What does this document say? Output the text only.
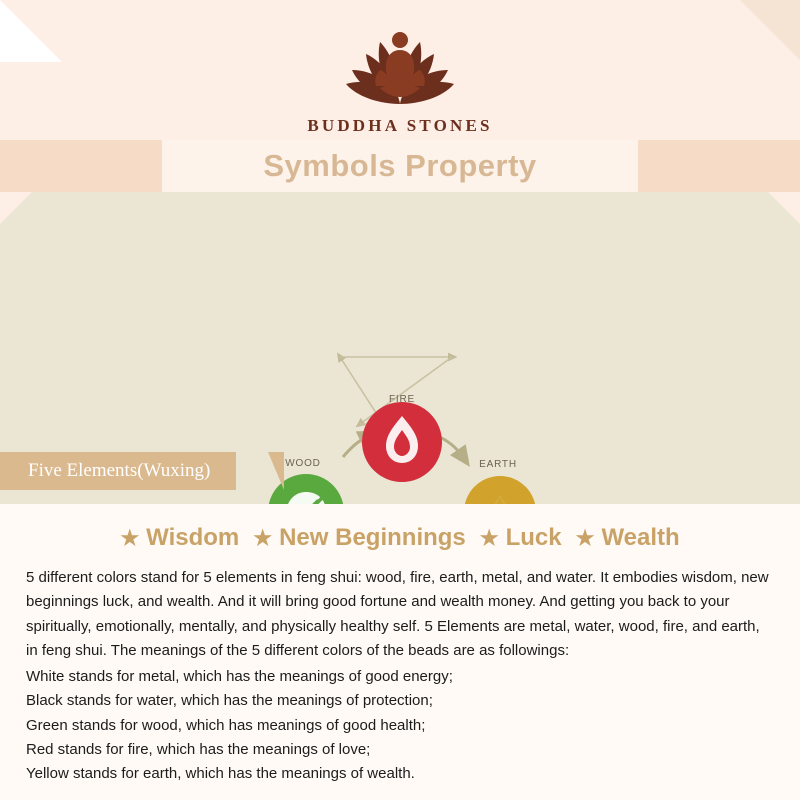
BUDDHA STONES
Symbols Property
FIRE
EARTH
WOOD
Five Elements(Wuxing)
★ Wisdom ★ New Beginnings ★ Luck ★ Wealth
5 different colors stand for 5 elements in feng shui: wood, fire, earth, metal, and water. It embodies wisdom, new beginnings luck, and wealth. And it will bring good fortune and wealth money. And getting you back to your spiritually, emotionally, mentally, and physically healthy self. 5 Elements are metal, water, wood, fire, and earth, in feng shui. The meanings of the 5 different colors of the beads are as followings:
White stands for metal, which has the meanings of good energy;
Black stands for water, which has the meanings of protection;
Green stands for wood, which has meanings of good health;
Red stands for fire, which has the meanings of love;
Yellow stands for earth, which has the meanings of wealth.
